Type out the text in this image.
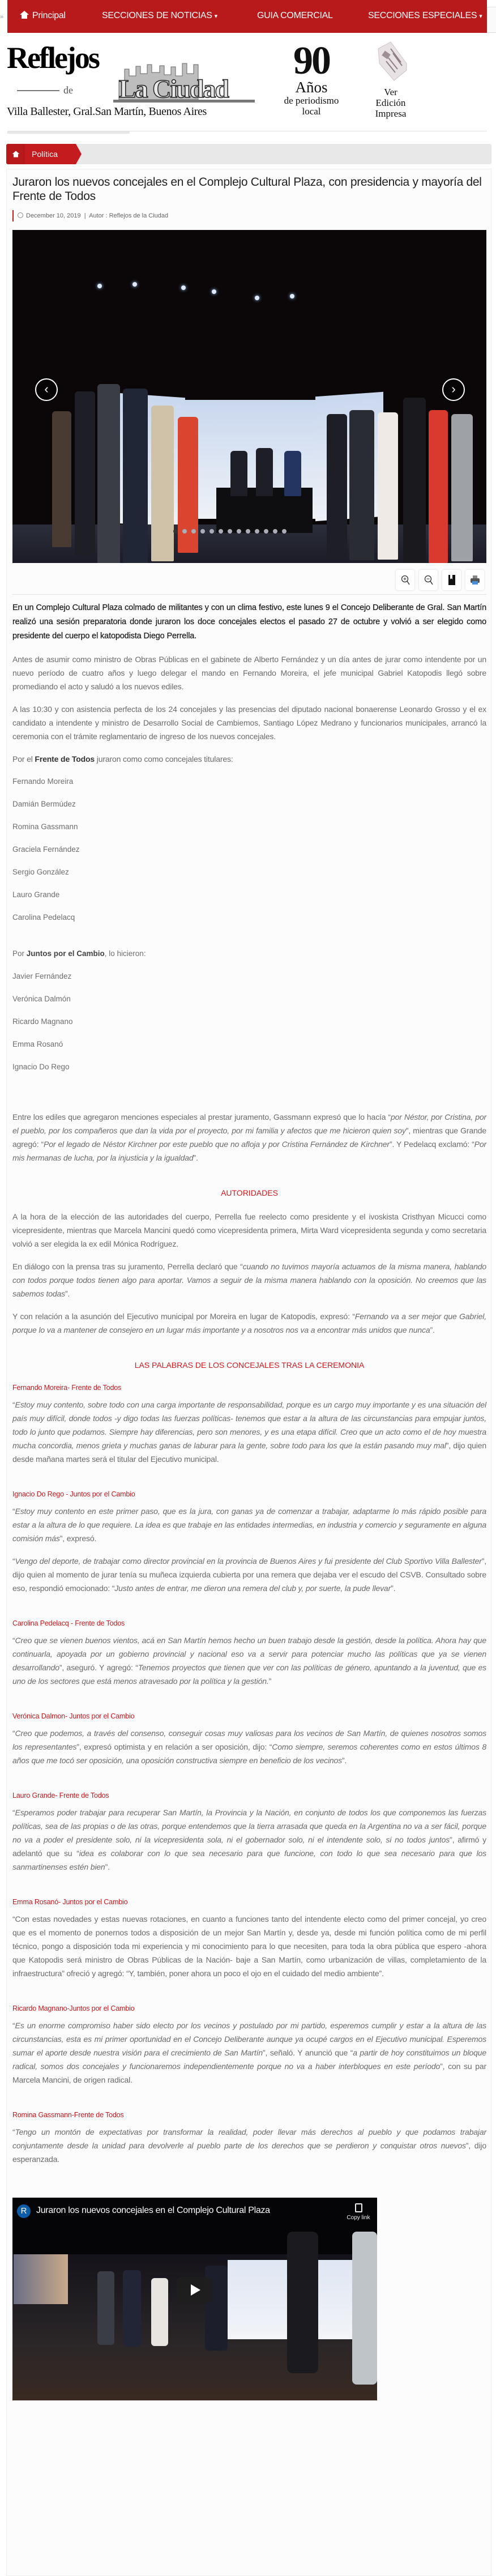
»	Principal	SECCIONES DE NOTICIAS ▾	GUIA COMERCIAL	SECCIONES ESPECIALES ▾
Reflejos
de La Ciudad
Villa Ballester, Gral.San Martín, Buenos Aires
90
Años
de periodismo local
Ver Edición Impresa
Política
Juraron los nuevos concejales en el Complejo Cultural Plaza, con presidencia y mayoría del Frente de Todos
December 10, 2019 | Autor : Reflejos de la Ciudad
‹	›

En un Complejo Cultural Plaza colmado de militantes y con un clima festivo, este lunes 9 el Concejo Deliberante de Gral. San Martín realizó una sesión preparatoria donde juraron los doce concejales electos el pasado 27 de octubre y volvió a ser elegido como presidente del cuerpo el katopodista Diego Perrella.

Antes de asumir como ministro de Obras Públicas en el gabinete de Alberto Fernández y un día antes de jurar como intendente por un nuevo período de cuatro años y luego delegar el mando en Fernando Moreira, el jefe municipal Gabriel Katopodis llegó sobre promediando el acto y saludó a los nuevos ediles.

A las 10:30 y con asistencia perfecta de los 24 concejales y las presencias del diputado nacional bonaerense Leonardo Grosso y el ex candidato a intendente y ministro de Desarrollo Social de Cambiemos, Santiago López Medrano y funcionarios municipales, arrancó la ceremonia con el trámite reglamentario de ingreso de los nuevos concejales.

Por el Frente de Todos juraron como como concejales titulares:

Fernando Moreira

Damián Bermúdez

Romina Gassmann

Graciela Fernández

Sergio González

Lauro Grande

Carolina Pedelacq

Por Juntos por el Cambio, lo hicieron:

Javier Fernández

Verónica Dalmón

Ricardo Magnano

Emma Rosanó

Ignacio Do Rego

Entre los ediles que agregaron menciones especiales al prestar juramento, Gassmann expresó que lo hacía “por Néstor, por Cristina, por el pueblo, por los compañeros que dan la vida por el proyecto, por mi familia y afectos que me hicieron quien soy”, mientras que Grande agregó: “Por el legado de Néstor Kirchner por este pueblo que no afloja y por Cristina Fernández de Kirchner”. Y Pedelacq exclamó: “Por mis hermanas de lucha, por la injusticia y la igualdad”.

AUTORIDADES

A la hora de la elección de las autoridades del cuerpo, Perrella fue reelecto como presidente y el ivoskista Cristhyan Micucci como vicepresidente, mientras que Marcela Mancini quedó como vicepresidenta primera, Mirta Ward vicepresidenta segunda y como secretaria volvió a ser elegida la ex edil Mónica Rodríguez.

En diálogo con la prensa tras su juramento, Perrella declaró que “cuando no tuvimos mayoría actuamos de la misma manera, hablando con todos porque todos tienen algo para aportar. Vamos a seguir de la misma manera hablando con la oposición. No creemos que las sabemos todas”.

Y con relación a la asunción del Ejecutivo municipal por Moreira en lugar de Katopodis, expresó: “Fernando va a ser mejor que Gabriel, porque lo va a mantener de consejero en un lugar más importante y a nosotros nos va a encontrar más unidos que nunca”.

LAS PALABRAS DE LOS CONCEJALES TRAS LA CEREMONIA

Fernando Moreira- Frente de Todos

“Estoy muy contento, sobre todo con una carga importante de responsabilidad, porque es un cargo muy importante y es una situación del país muy difícil, donde todos -y digo todas las fuerzas políticas- tenemos que estar a la altura de las circunstancias para empujar juntos, todo lo junto que podamos. Siempre hay diferencias, pero son menores, y es una etapa difícil. Creo que un acto como el de hoy muestra mucha concordia, menos grieta y muchas ganas de laburar para la gente, sobre todo para los que la están pasando muy mal”, dijo quien desde mañana martes será el titular del Ejecutivo municipal.

Ignacio Do Rego - Juntos por el Cambio

“Estoy muy contento en este primer paso, que es la jura, con ganas ya de comenzar a trabajar, adaptarme lo más rápido posible para estar a la altura de lo que requiere. La idea es que trabaje en las entidades intermedias, en industria y comercio y seguramente en alguna comisión más”, expresó.

“Vengo del deporte, de trabajar como director provincial en la provincia de Buenos Aires y fui presidente del Club Sportivo Villa Ballester”, dijo quien al momento de jurar tenía su muñeca izquierda cubierta por una remera que dejaba ver el escudo del CSVB. Consultado sobre eso, respondió emocionado: “Justo antes de entrar, me dieron una remera del club y, por suerte, la pude llevar”.

Carolina Pedelacq - Frente de Todos

“Creo que se vienen buenos vientos, acá en San Martín hemos hecho un buen trabajo desde la gestión, desde la política. Ahora hay que continuarla, apoyada por un gobierno provincial y nacional eso va a servir para potenciar mucho las políticas que ya se vienen desarrollando”, aseguró. Y agregó: “Tenemos proyectos que tienen que ver con las políticas de género, apuntando a la juventud, que es uno de los sectores que está menos atravesado por la política y la gestión.”

Verónica Dalmon- Juntos por el Cambio

“Creo que podemos, a través del consenso, conseguir cosas muy valiosas para los vecinos de San Martín, de quienes nosotros somos los representantes”, expresó optimista y en relación a ser oposición, dijo: “Como siempre, seremos coherentes como en estos últimos 8 años que me tocó ser oposición, una oposición constructiva siempre en beneficio de los vecinos”.

Lauro Grande- Frente de Todos

“Esperamos poder trabajar para recuperar San Martín, la Provincia y la Nación, en conjunto de todos los que componemos las fuerzas políticas, sea de las propias o de las otras, porque entendemos que la tierra arrasada que queda en la Argentina no va a ser fácil, porque no va a poder el presidente solo, ni la vicepresidenta sola, ni el gobernador solo, ni el intendente solo, si no todos juntos”, afirmó y adelantó que su “idea es colaborar con lo que sea necesario para que funcione, con todo lo que sea necesario para que los sanmartinenses estén bien”.

Emma Rosanó- Juntos por el Cambio

“Con estas novedades y estas nuevas rotaciones, en cuanto a funciones tanto del intendente electo como del primer concejal, yo creo que es el momento de ponernos todos a disposición de un mejor San Martín y, desde ya, desde mi función política como de mi perfil técnico, pongo a disposición toda mi experiencia y mi conocimiento para lo que necesiten, para toda la obra pública que espero -ahora que Katopodis será ministro de Obras Públicas de la Nación- baje a San Martín, como urbanización de villas, completamiento de la infraestructura” ofreció y agregó: “Y, también, poner ahora un poco el ojo en el cuidado del medio ambiente”.

Ricardo Magnano-Juntos por el Cambio

“Es un enorme compromiso haber sido electo por los vecinos y postulado por mi partido, esperemos cumplir y estar a la altura de las circunstancias, esta es mi primer oportunidad en el Concejo Deliberante aunque ya ocupé cargos en el Ejecutivo municipal. Esperemos sumar el aporte desde nuestra visión para el crecimiento de San Martín”, señaló. Y anunció que “a partir de hoy constituimos un bloque radical, somos dos concejales y funcionaremos independientemente porque no va a haber interbloques en este período”, con su par Marcela Mancini, de origen radical.

Romina Gassmann-Frente de Todos

“Tengo un montón de expectativas por transformar la realidad, poder llevar más derechos al pueblo y que podamos trabajar conjuntamente desde la unidad para devolverle al pueblo parte de los derechos que se perdieron y conquistar otros nuevos”, dijo esperanzada.

R	Juraron los nuevos concejales en el Complejo Cultural Plaza
Copy link
